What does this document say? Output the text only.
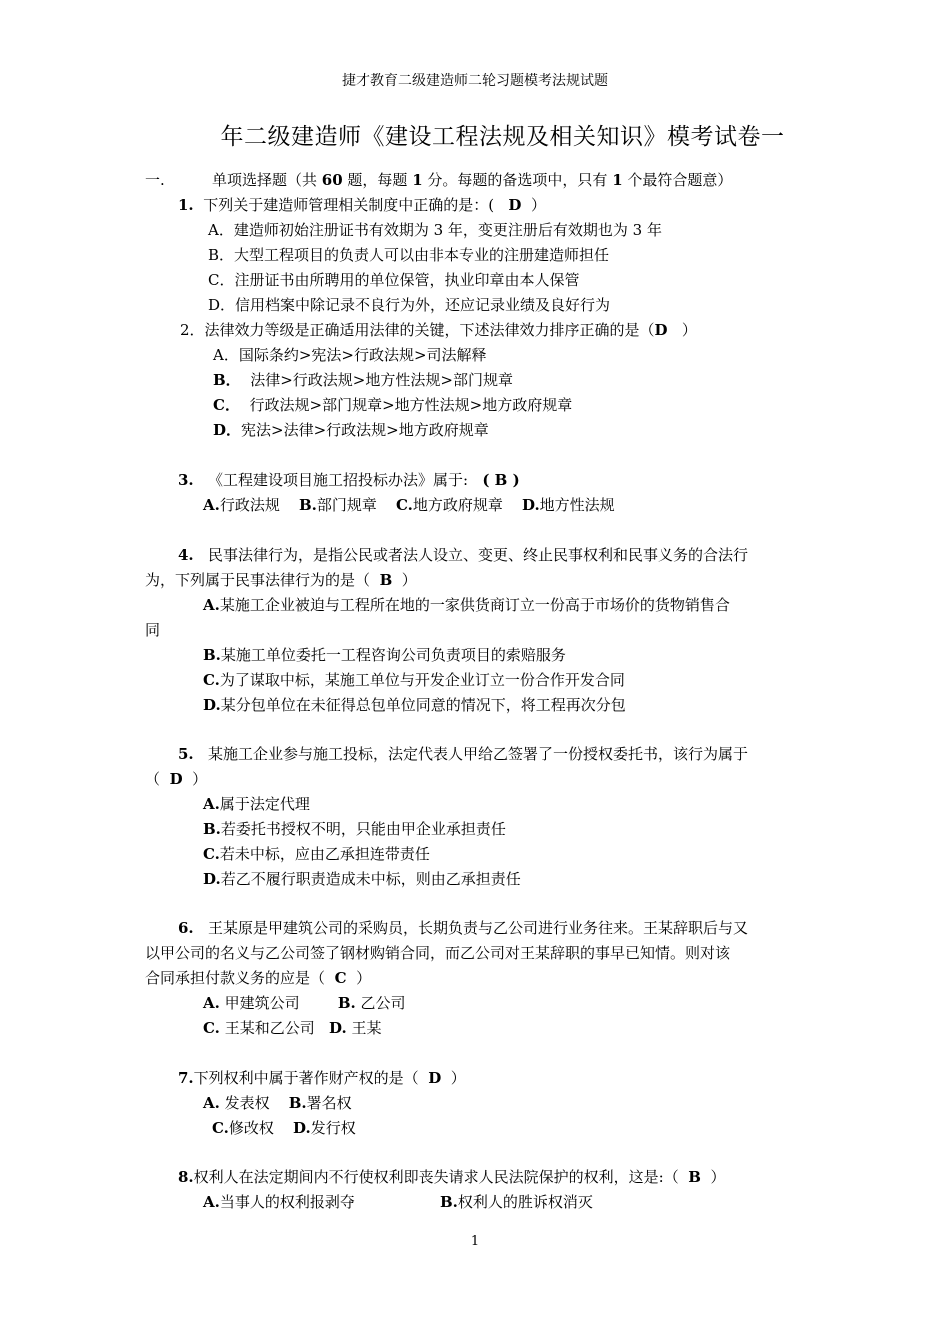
捷才教育二级建造师二轮习题模考法规试题
年二级建造师《建设工程法规及相关知识》模考试卷一
一.	单项选择题（共 60 题，每题 1 分。每题的备选项中，只有 1 个最符合题意）
1. 下列关于建造师管理相关制度中正确的是：( D ）
A．建造师初始注册证书有效期为 3 年，变更注册后有效期也为 3 年
B．大型工程项目的负责人可以由非本专业的注册建造师担任
C．注册证书由所聘用的单位保管，执业印章由本人保管
D．信用档案中除记录不良行为外，还应记录业绩及良好行为
2．法律效力等级是正确适用法律的关键，下述法律效力排序正确的是（D ）
A．国际条约>宪法>行政法规>司法解释
B． 法律>行政法规>地方性法规>部门规章
C． 行政法规>部门规章>地方性法规>地方政府规章
D．宪法>法律>行政法规>地方政府规章
3. 《工程建设项目施工招投标办法》属于: ( B )
A.行政法规 B.部门规章 C.地方政府规章 D.地方性法规
4. 民事法律行为，是指公民或者法人设立、变更、终止民事权利和民事义务的合法行
为，下列属于民事法律行为的是（ B ）
A.某施工企业被迫与工程所在地的一家供货商订立一份高于市场价的货物销售合
同
B.某施工单位委托一工程咨询公司负责项目的索赔服务
C.为了谋取中标，某施工单位与开发企业订立一份合作开发合同
D.某分包单位在未征得总包单位同意的情况下，将工程再次分包
5. 某施工企业参与施工投标，法定代表人甲给乙签署了一份授权委托书，该行为属于
（ D ）
A.属于法定代理
B.若委托书授权不明，只能由甲企业承担责任
C.若未中标，应由乙承担连带责任
D.若乙不履行职责造成未中标，则由乙承担责任
6. 王某原是甲建筑公司的采购员，长期负责与乙公司进行业务往来。王某辞职后与又
以甲公司的名义与乙公司签了钢材购销合同，而乙公司对王某辞职的事早已知情。则对该
合同承担付款义务的应是（ C ）
A. 甲建筑公司	B. 乙公司
C. 王某和乙公司 D. 王某
7.下列权利中属于著作财产权的是（ D ）
A. 发表权 B.署名权
C.修改权 D.发行权
8.权利人在法定期间内不行使权利即丧失请求人民法院保护的权利，这是:（ B ）
A.当事人的权利报剥夺	B.权利人的胜诉权消灭
1
